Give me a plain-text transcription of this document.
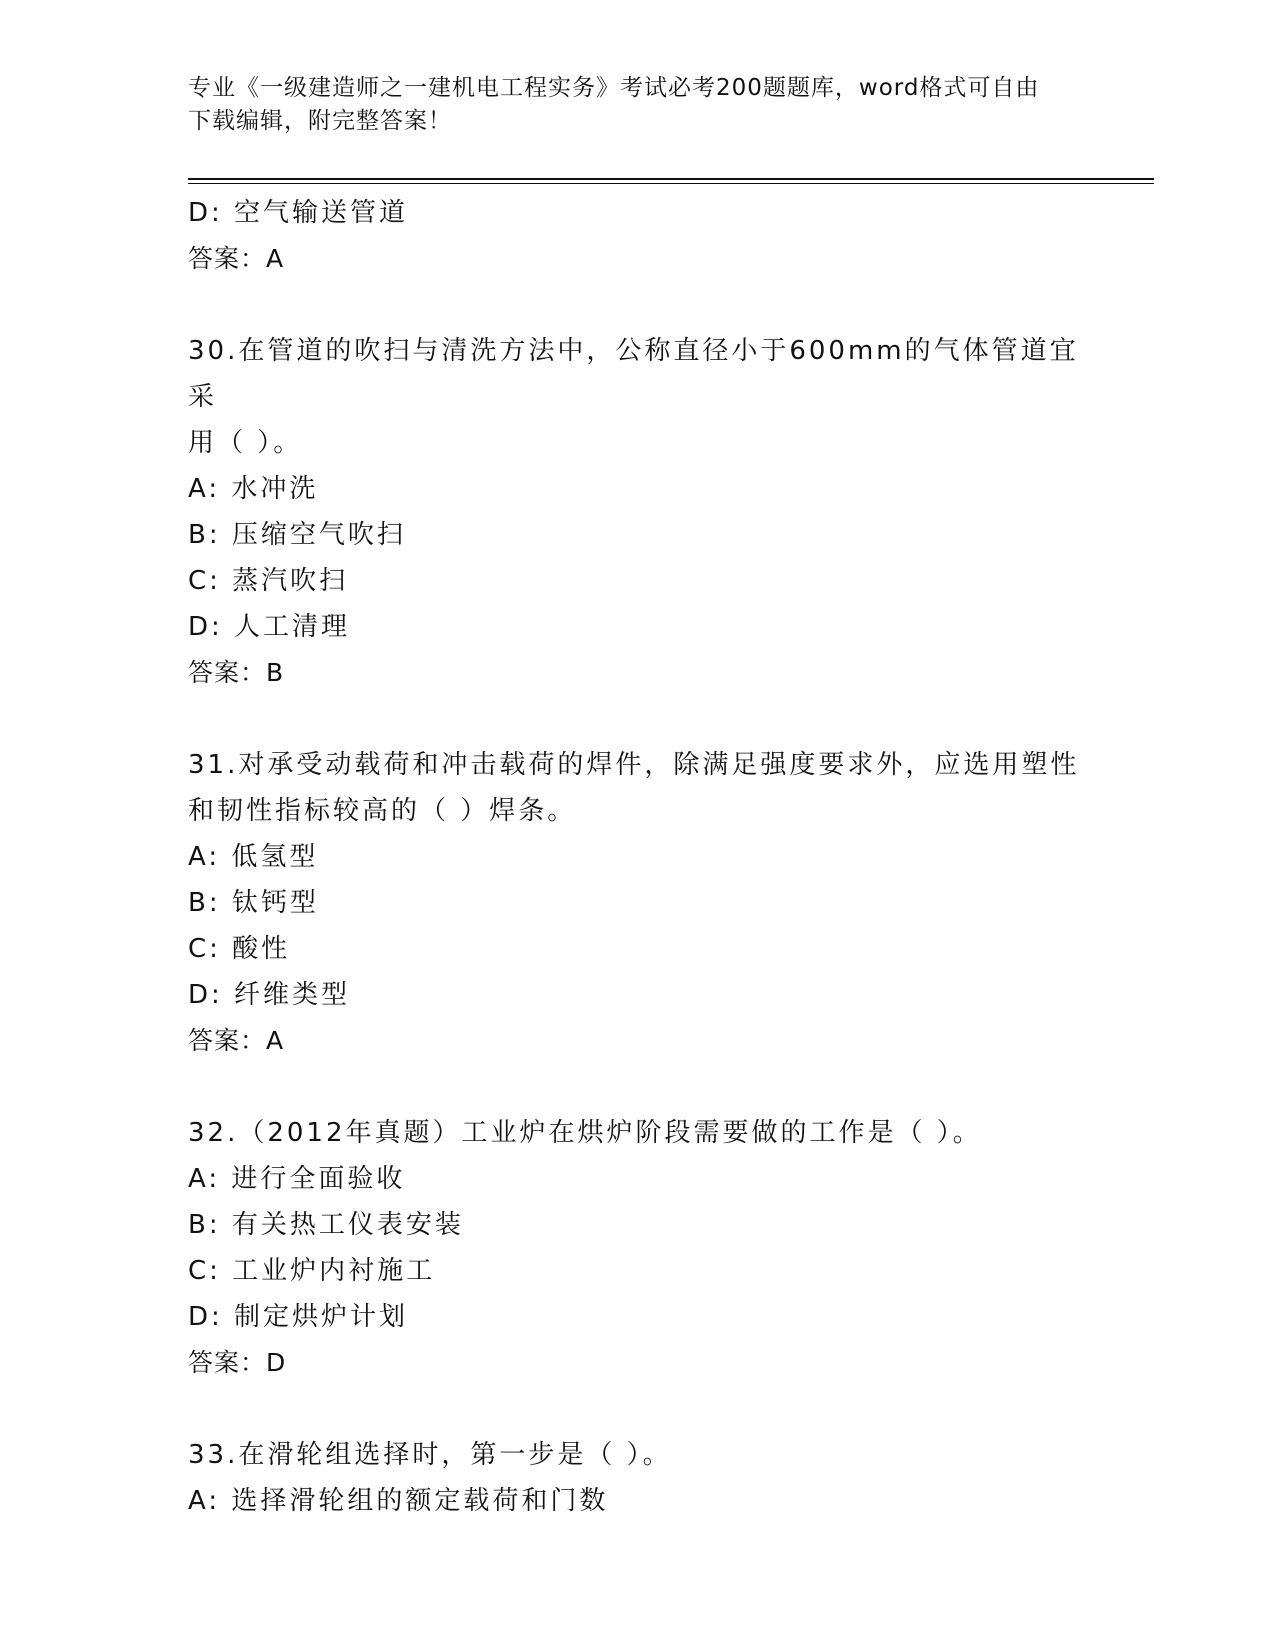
专业《一级建造师之一建机电工程实务》考试必考200题题库，word格式可自由
下载编辑，附完整答案！
D: 空气输送管道
答案：A
30.在管道的吹扫与清洗方法中，公称直径小于600mm的气体管道宜采
用（ ）。
A: 水冲洗
B: 压缩空气吹扫
C: 蒸汽吹扫
D: 人工清理
答案：B
31.对承受动载荷和冲击载荷的焊件，除满足强度要求外，应选用塑性
和韧性指标较高的（ ）焊条。
A: 低氢型
B: 钛钙型
C: 酸性
D: 纤维类型
答案：A
32.（2012年真题）工业炉在烘炉阶段需要做的工作是（ ）。
A: 进行全面验收
B: 有关热工仪表安装
C: 工业炉内衬施工
D: 制定烘炉计划
答案：D
33.在滑轮组选择时，第一步是（ ）。
A: 选择滑轮组的额定载荷和门数
